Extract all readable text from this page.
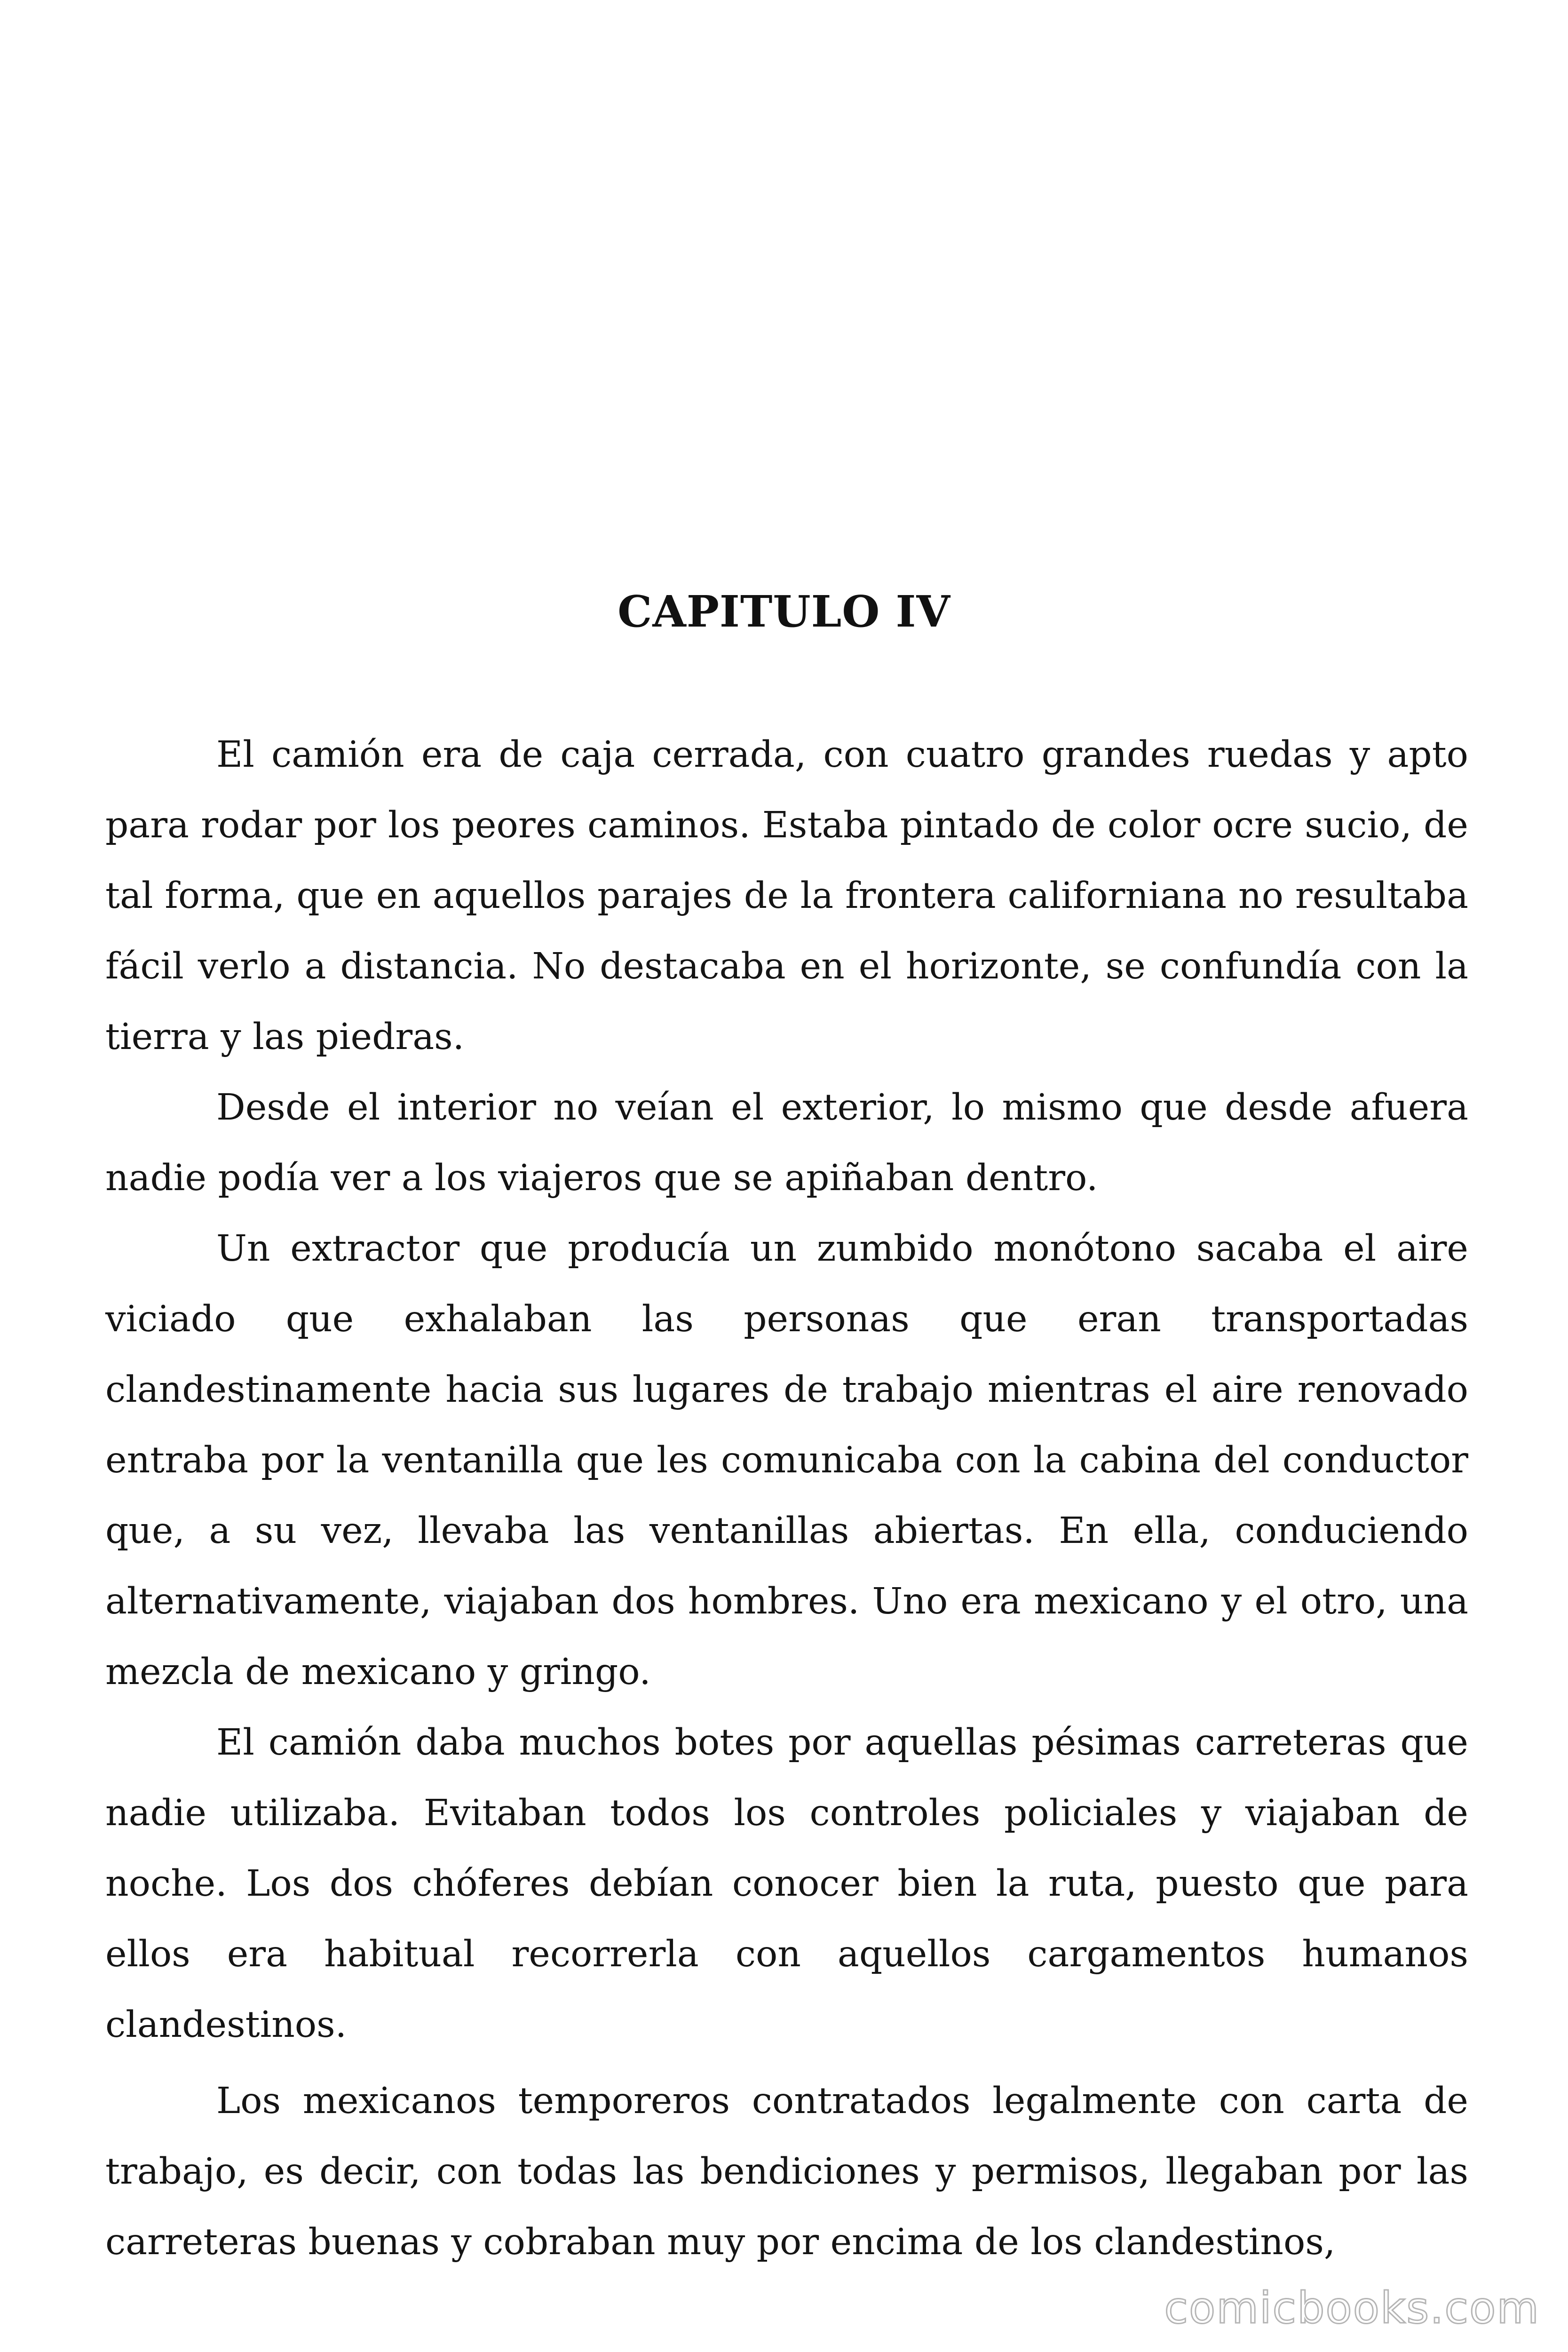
CAPITULO IV

El camión era de caja cerrada, con cuatro grandes ruedas y apto para rodar por los peores caminos. Estaba pintado de color ocre sucio, de tal forma, que en aquellos parajes de la frontera californiana no resultaba fácil verlo a distancia. No destacaba en el horizonte, se confundía con la tierra y las piedras.

Desde el interior no veían el exterior, lo mismo que desde afuera nadie podía ver a los viajeros que se apiñaban dentro.

Un extractor que producía un zumbido monótono sacaba el aire viciado que exhalaban las personas que eran transportadas clandestinamente hacia sus lugares de trabajo mientras el aire renovado entraba por la ventanilla que les comunicaba con la cabina del conductor que, a su vez, llevaba las ventanillas abiertas. En ella, conduciendo alternativamente, viajaban dos hombres. Uno era mexicano y el otro, una mezcla de mexicano y gringo.

El camión daba muchos botes por aquellas pésimas carreteras que nadie utilizaba. Evitaban todos los controles policiales y viajaban de noche. Los dos chóferes debían conocer bien la ruta, puesto que para ellos era habitual recorrerla con aquellos cargamentos humanos clandestinos.

Los mexicanos temporeros contratados legalmente con carta de trabajo, es decir, con todas las bendiciones y permisos, llegaban por las carreteras buenas y cobraban muy por encima de los clandestinos,

comicbooks.com
